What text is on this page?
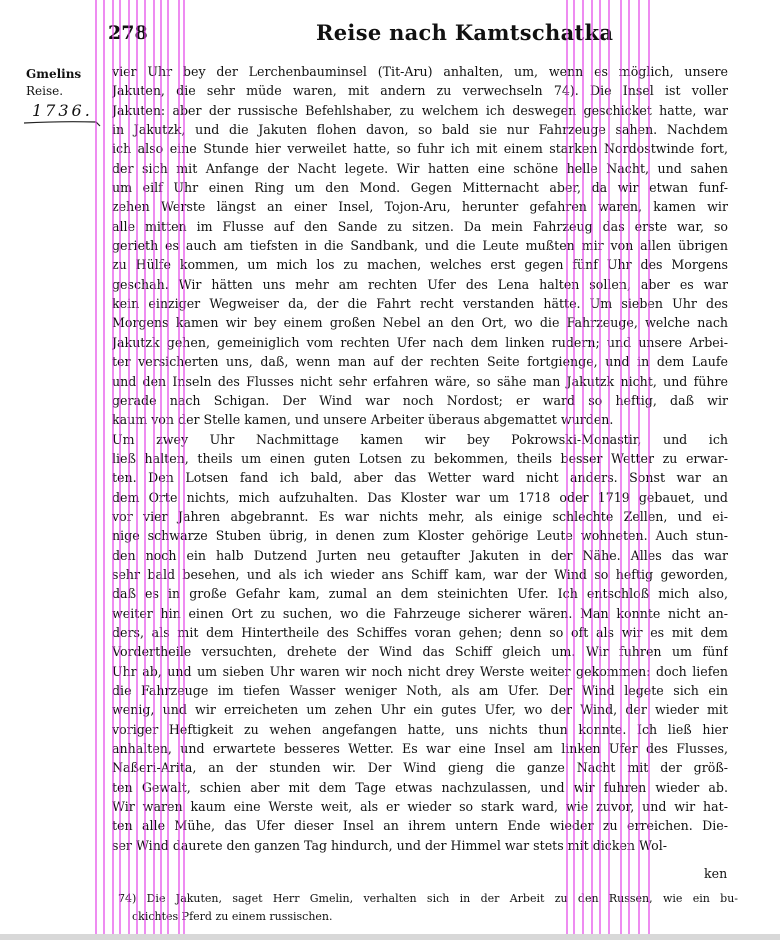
278	Reise nach Kamtschatka
Gmelins
Reise.
1736.
vier Uhr bey der Lerchenbauminsel (Tit-Aru) anhalten, um, wenn es möglich, unsere
Jakuten, die sehr müde waren, mit andern zu verwechseln 74). Die Insel ist voller
Jakuten: aber der russische Befehlshaber, zu welchem ich deswegen geschicket hatte, war
in Jakutzk, und die Jakuten flohen davon, so bald sie nur Fahrzeuge sahen. Nachdem
ich also eine Stunde hier verweilet hatte, so fuhr ich mit einem starken Nordostwinde fort,
der sich mit Anfange der Nacht legete. Wir hatten eine schöne helle Nacht, und sahen
um eilf Uhr einen Ring um den Mond. Gegen Mitternacht aber, da wir etwan funf-
zehen Werste längst an einer Insel, Tojon-Aru, herunter gefahren waren, kamen wir
alle mitten im Flusse auf den Sande zu sitzen. Da mein Fahrzeug das erste war, so
gerieth es auch am tiefsten in die Sandbank, und die Leute mußten mir von allen übrigen
zu Hülfe kommen, um mich los zu machen, welches erst gegen fünf Uhr des Morgens
geschah. Wir hätten uns mehr am rechten Ufer des Lena halten sollen, aber es war
kein einziger Wegweiser da, der die Fahrt recht verstanden hätte. Um sieben Uhr des
Morgens kamen wir bey einem großen Nebel an den Ort, wo die Fahrzeuge, welche nach
Jakutzk gehen, gemeiniglich vom rechten Ufer nach dem linken rudern; und unsere Arbei-
ter versicherten uns, daß, wenn man auf der rechten Seite fortgienge, und in dem Laufe
und den Inseln des Flusses nicht sehr erfahren wäre, so sähe man Jakutzk nicht, und führe
gerade nach Schigan. Der Wind war noch Nordost; er ward so heftig, daß wir
kaum von der Stelle kamen, und unsere Arbeiter überaus abgemattet wurden.
Um zwey Uhr Nachmittage kamen wir bey Pokrowski-Monastir, und ich
ließ halten, theils um einen guten Lotsen zu bekommen, theils besser Wetter zu erwar-
ten. Den Lotsen fand ich bald, aber das Wetter ward nicht anders. Sonst war an
dem Orte nichts, mich aufzuhalten. Das Kloster war um 1718 oder 1719 gebauet, und
vor vier Jahren abgebrannt. Es war nichts mehr, als einige schlechte Zellen, und ei-
nige schwarze Stuben übrig, in denen zum Kloster gehörige Leute wohneten. Auch stun-
den noch ein halb Dutzend Jurten neu getaufter Jakuten in der Nähe. Alles das war
sehr bald besehen, und als ich wieder ans Schiff kam, war der Wind so heftig geworden,
daß es in große Gefahr kam, zumal an dem steinichten Ufer. Ich entschloß mich also,
weiter hin einen Ort zu suchen, wo die Fahrzeuge sicherer wären. Man konnte nicht an-
ders, als mit dem Hintertheile des Schiffes voran gehen; denn so oft als wir es mit dem
Vordertheile versuchten, drehete der Wind das Schiff gleich um. Wir fuhren um fünf
Uhr ab, und um sieben Uhr waren wir noch nicht drey Werste weiter gekommen: doch liefen
die Fahrzeuge im tiefen Wasser weniger Noth, als am Ufer. Der Wind legete sich ein
wenig, und wir erreicheten um zehen Uhr ein gutes Ufer, wo der Wind, der wieder mit
voriger Heftigkeit zu wehen angefangen hatte, uns nichts thun konnte. Ich ließ hier
anhalten, und erwartete besseres Wetter. Es war eine Insel am linken Ufer des Flusses,
Naßeri-Arita, an der stunden wir. Der Wind gieng die ganze Nacht mit der größ-
ten Gewalt, schien aber mit dem Tage etwas nachzulassen, und wir fuhren wieder ab.
Wir waren kaum eine Werste weit, als er wieder so stark ward, wie zuvor, und wir hat-
ten alle Mühe, das Ufer dieser Insel an ihrem untern Ende wieder zu erreichen. Die-
ser Wind daurete den ganzen Tag hindurch, und der Himmel war stets mit dicken Wol-
ken
74) Die Jakuten, saget Herr Gmelin, verhalten sich in der Arbeit zu den Russen, wie ein bu-
ckichtes Pferd zu einem russischen.
